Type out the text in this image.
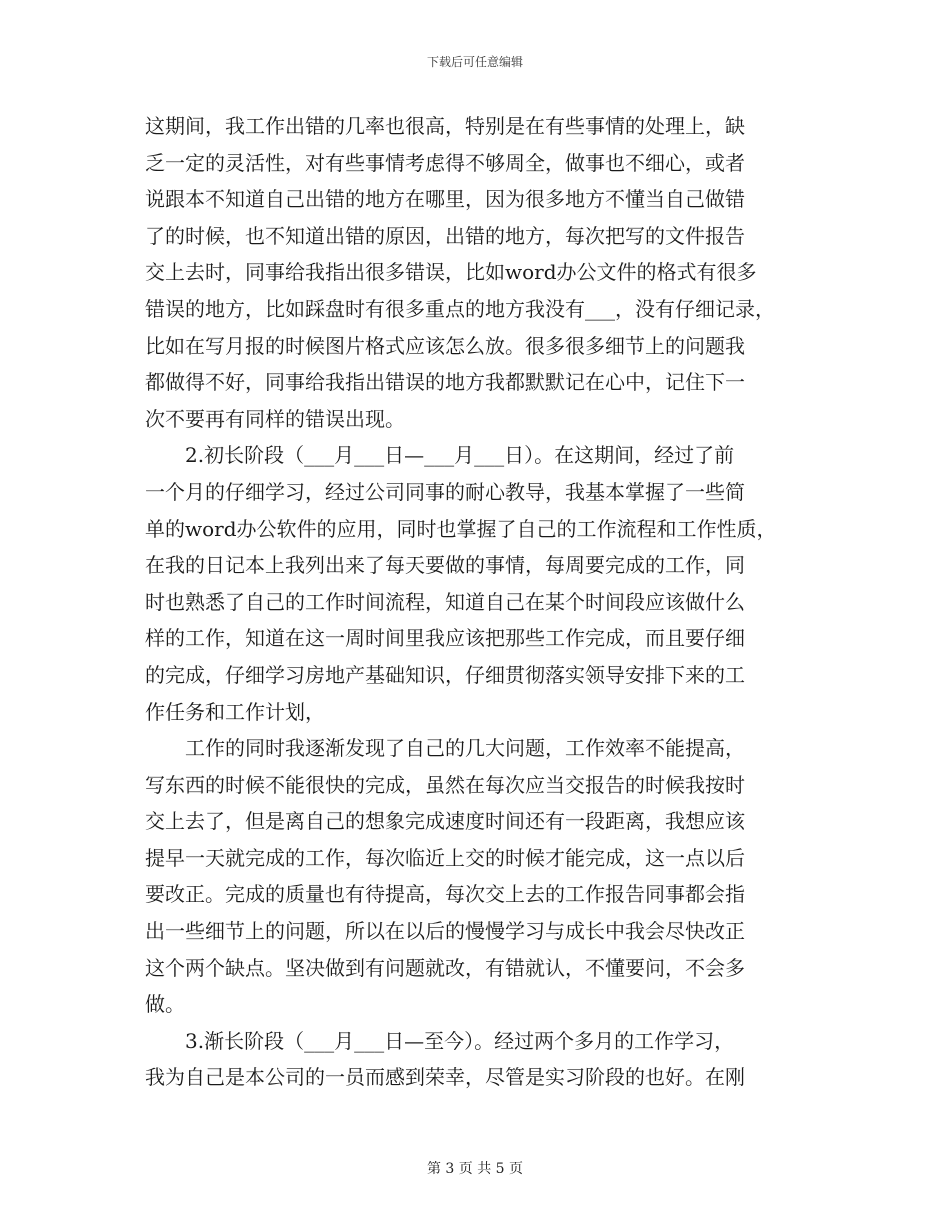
下载后可任意编辑
这期间，我工作出错的几率也很高，特别是在有些事情的处理上，缺
乏一定的灵活性，对有些事情考虑得不够周全，做事也不细心，或者
说跟本不知道自己出错的地方在哪里，因为很多地方不懂当自己做错
了的时候，也不知道出错的原因，出错的地方，每次把写的文件报告
交上去时，同事给我指出很多错误，比如word办公文件的格式有很多
错误的地方，比如踩盘时有很多重点的地方我没有___，没有仔细记录，
比如在写月报的时候图片格式应该怎么放。很多很多细节上的问题我
都做得不好，同事给我指出错误的地方我都默默记在心中，记住下一
次不要再有同样的错误出现。
2.初长阶段（___月___日—___月___日）。在这期间，经过了前
一个月的仔细学习，经过公司同事的耐心教导，我基本掌握了一些简
单的word办公软件的应用，同时也掌握了自己的工作流程和工作性质，
在我的日记本上我列出来了每天要做的事情，每周要完成的工作，同
时也熟悉了自己的工作时间流程，知道自己在某个时间段应该做什么
样的工作，知道在这一周时间里我应该把那些工作完成，而且要仔细
的完成，仔细学习房地产基础知识，仔细贯彻落实领导安排下来的工
作任务和工作计划，
工作的同时我逐渐发现了自己的几大问题，工作效率不能提高，
写东西的时候不能很快的完成，虽然在每次应当交报告的时候我按时
交上去了，但是离自己的想象完成速度时间还有一段距离，我想应该
提早一天就完成的工作，每次临近上交的时候才能完成，这一点以后
要改正。完成的质量也有待提高，每次交上去的工作报告同事都会指
出一些细节上的问题，所以在以后的慢慢学习与成长中我会尽快改正
这个两个缺点。坚决做到有问题就改，有错就认，不懂要问，不会多
做。
3.渐长阶段（___月___日—至今）。经过两个多月的工作学习，
我为自己是本公司的一员而感到荣幸，尽管是实习阶段的也好。在刚
第 3 页 共 5 页
